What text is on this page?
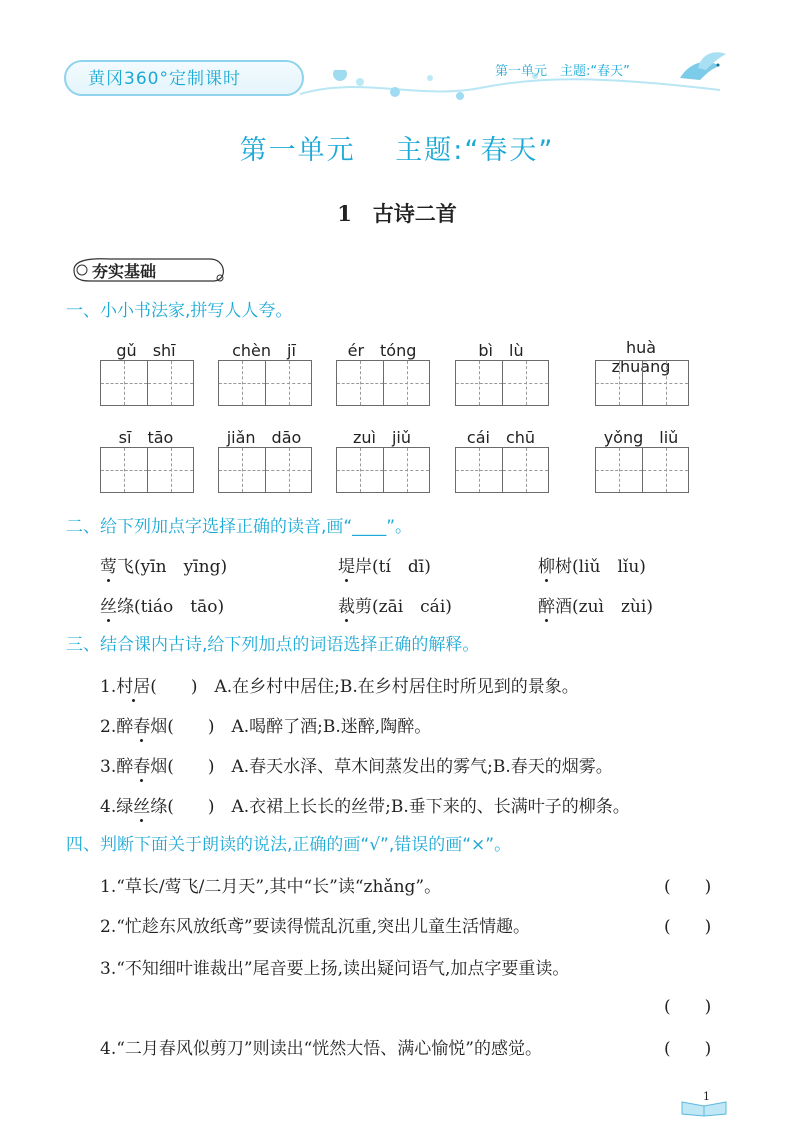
黄冈360°定制课时	第一单元　主题:“春天”
第一单元　 主题:“春天”
1　古诗二首
夯实基础
一、小小书法家,拼写人人夸。
gǔ　 shī	chèn　 jī	ér　 tóng	bì　 lù	huà zhuāng
sī　 tāo	jiǎn　 dāo	zuì　 jiǔ	cái　 chū	yǒng　 liǔ
二、给下列加点字选择正确的读音,画“____”。
莺飞(yīn　yīng)	堤岸(tí　dī)	柳树(liǔ　lǐu)
丝绦(tiáo　tāo)	裁剪(zāi　cái)	醉酒(zuì　zùi)
三、结合课内古诗,给下列加点的词语选择正确的解释。
1.村居(　　)　 A.在乡村中居住;B.在乡村居住时所见到的景象。
2.醉春烟(　　)　 A.喝醉了酒;B.迷醉,陶醉。
3.醉春烟(　　)　 A.春天水泽、草木间蒸发出的雾气;B.春天的烟雾。
4.绿丝绦(　　)　 A.衣裙上长长的丝带;B.垂下来的、长满叶子的柳条。
四、判断下面关于朗读的说法,正确的画“√”,错误的画“×”。
1.“草长/莺飞/二月天”,其中“长”读“zhǎng”。	(　　)
2.“忙趁东风放纸鸢”要读得慌乱沉重,突出儿童生活情趣。	(　　)
3.“不知细叶谁裁出”尾音要上扬,读出疑问语气,加点字要重读。
(　　)
4.“二月春风似剪刀”则读出“恍然大悟、满心愉悦”的感觉。	(　　)
1
